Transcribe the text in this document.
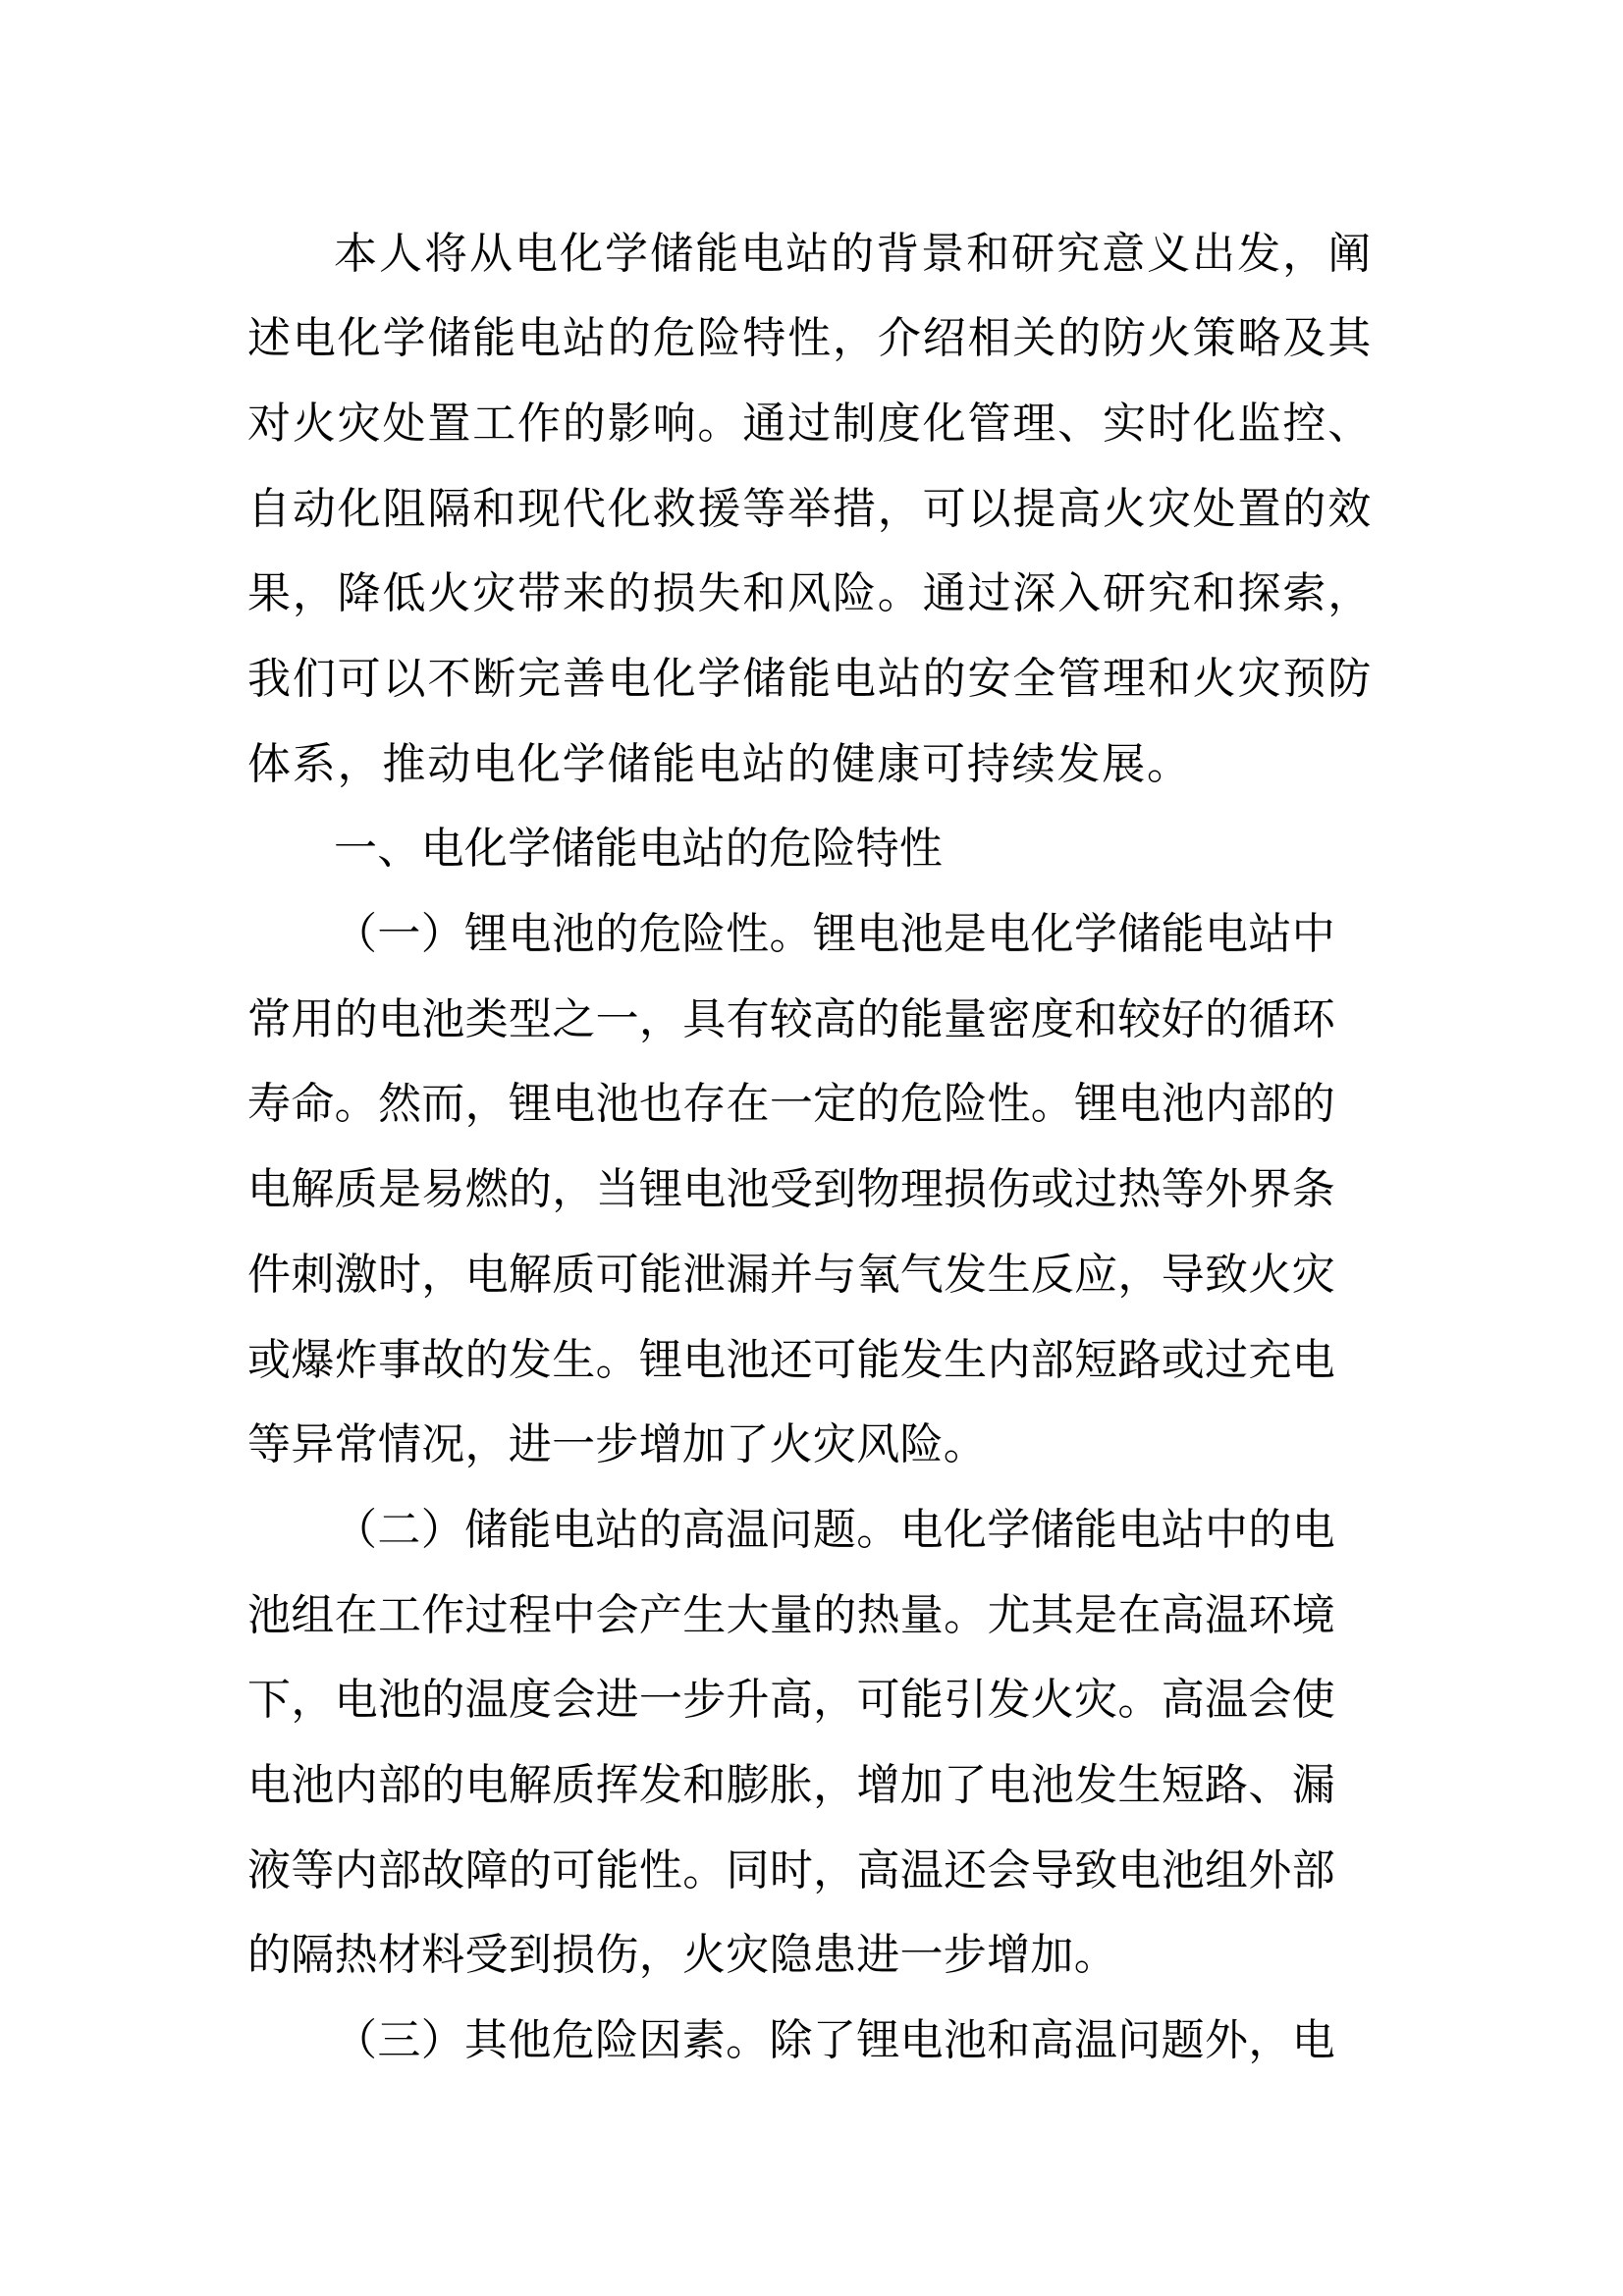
本人将从电化学储能电站的背景和研究意义出发，阐
述电化学储能电站的危险特性，介绍相关的防火策略及其
对火灾处置工作的影响。通过制度化管理、实时化监控、
自动化阻隔和现代化救援等举措，可以提高火灾处置的效
果，降低火灾带来的损失和风险。通过深入研究和探索，
我们可以不断完善电化学储能电站的安全管理和火灾预防
体系，推动电化学储能电站的健康可持续发展。
一、电化学储能电站的危险特性
（一）锂电池的危险性。锂电池是电化学储能电站中
常用的电池类型之一，具有较高的能量密度和较好的循环
寿命。然而，锂电池也存在一定的危险性。锂电池内部的
电解质是易燃的，当锂电池受到物理损伤或过热等外界条
件刺激时，电解质可能泄漏并与氧气发生反应，导致火灾
或爆炸事故的发生。锂电池还可能发生内部短路或过充电
等异常情况，进一步增加了火灾风险。
（二）储能电站的高温问题。电化学储能电站中的电
池组在工作过程中会产生大量的热量。尤其是在高温环境
下，电池的温度会进一步升高，可能引发火灾。高温会使
电池内部的电解质挥发和膨胀，增加了电池发生短路、漏
液等内部故障的可能性。同时，高温还会导致电池组外部
的隔热材料受到损伤，火灾隐患进一步增加。
（三）其他危险因素。除了锂电池和高温问题外，电
